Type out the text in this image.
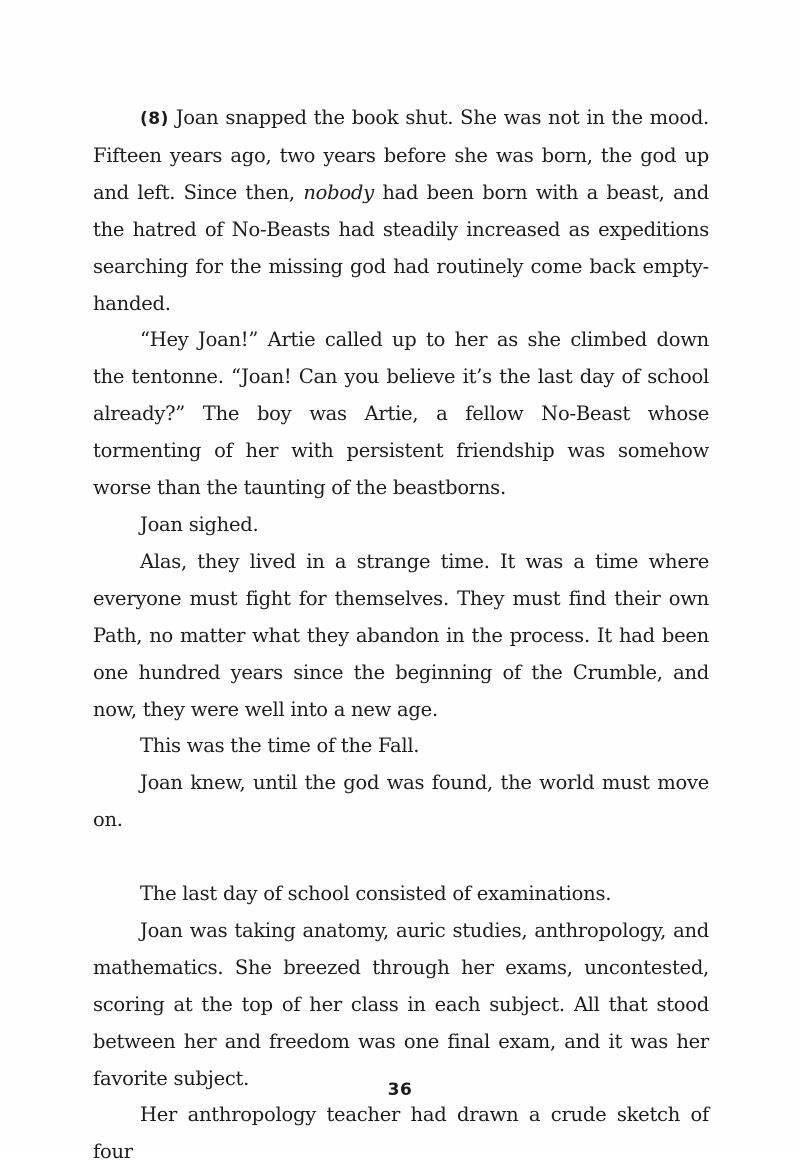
(8) Joan snapped the book shut. She was not in the mood. Fifteen years ago, two years before she was born, the god up and left. Since then, nobody had been born with a beast, and the hatred of No-Beasts had steadily increased as expeditions searching for the missing god had routinely come back empty-handed.

“Hey Joan!” Artie called up to her as she climbed down the tentonne. “Joan! Can you believe it’s the last day of school already?” The boy was Artie, a fellow No-Beast whose tormenting of her with persistent friendship was somehow worse than the taunting of the beastborns.

Joan sighed.

Alas, they lived in a strange time. It was a time where everyone must fight for themselves. They must find their own Path, no matter what they abandon in the process. It had been one hundred years since the beginning of the Crumble, and now, they were well into a new age.

This was the time of the Fall.

Joan knew, until the god was found, the world must move on.

The last day of school consisted of examinations.

Joan was taking anatomy, auric studies, anthropology, and mathematics. She breezed through her exams, uncontested, scoring at the top of her class in each subject. All that stood between her and freedom was one final exam, and it was her favorite subject.

Her anthropology teacher had drawn a crude sketch of four

36
